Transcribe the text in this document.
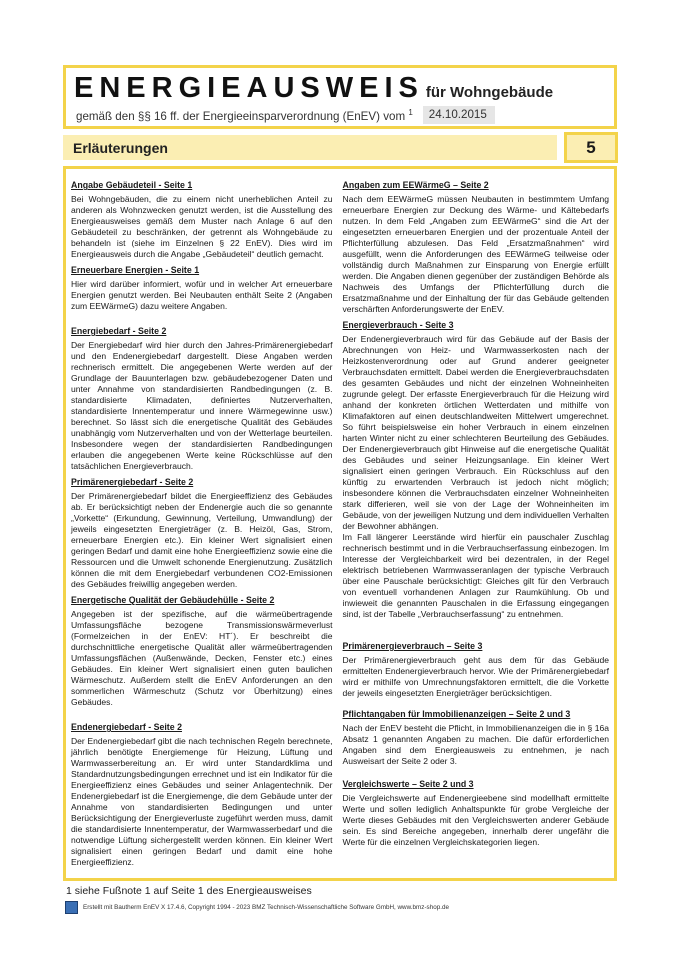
ENERGIEAUSWEIS für Wohngebäude
gemäß den §§ 16 ff. der Energieeinsparverordnung (EnEV) vom $^1$	24.10.2015
Erläuterungen	5
Angabe Gebäudeteil - Seite 1

Bei Wohngebäuden, die zu einem nicht unerheblichen Anteil zu anderen als Wohnzwecken genutzt werden, ist die Ausstellung des Energieausweises gemäß dem Muster nach Anlage 6 auf den Gebäudeteil zu beschränken, der getrennt als Wohngebäude zu behandeln ist (siehe im Einzelnen § 22 EnEV). Dies wird im Energieausweis durch die Angabe „Gebäudeteil“ deutlich gemacht.

Erneuerbare Energien - Seite 1

Hier wird darüber informiert, wofür und in welcher Art erneuerbare Energien genutzt werden. Bei Neubauten enthält Seite 2 (Angaben zum EEWärmeG) dazu weitere Angaben.

Energiebedarf - Seite 2

Der Energiebedarf wird hier durch den Jahres-Primärenergiebedarf und den Endenergiebedarf dargestellt. Diese Angaben werden rechnerisch ermittelt. Die angegebenen Werte werden auf der Grundlage der Bauunterlagen bzw. gebäudebezogener Daten und unter Annahme von standardisierten Randbedingungen (z. B. standardisierte Klimadaten, definiertes Nutzerverhalten, standardisierte Innentemperatur und innere Wärmegewinne usw.) berechnet. So lässt sich die energetische Qualität des Gebäudes unabhängig vom Nutzerverhalten und von der Wetterlage beurteilen. Insbesondere wegen der standardisierten Randbedingungen erlauben die angegebenen Werte keine Rückschlüsse auf den tatsächlichen Energieverbrauch.

Primärenergiebedarf - Seite 2

Der Primärenergiebedarf bildet die Energieeffizienz des Gebäudes ab. Er berücksichtigt neben der Endenergie auch die so genannte „Vorkette“ (Erkundung, Gewinnung, Verteilung, Umwandlung) der jeweils eingesetzten Energieträger (z. B. Heizöl, Gas, Strom, erneuerbare Energien etc.). Ein kleiner Wert signalisiert einen geringen Bedarf und damit eine hohe Energieeffizienz sowie eine die Ressourcen und die Umwelt schonende Energienutzung. Zusätzlich können die mit dem Energiebedarf verbundenen CO2-Emissionen des Gebäudes freiwillig angegeben werden.

Energetische Qualität der Gebäudehülle - Seite 2

Angegeben ist der spezifische, auf die wärmeübertragende Umfassungsfläche bezogene Transmissionswärmeverlust (Formelzeichen in der EnEV: HT´). Er beschreibt die durchschnittliche energetische Qualität aller wärmeübertragenden Umfassungsflächen (Außenwände, Decken, Fenster etc.) eines Gebäudes. Ein kleiner Wert signalisiert einen guten baulichen Wärmeschutz. Außerdem stellt die EnEV Anforderungen an den sommerlichen Wärmeschutz (Schutz vor Überhitzung) eines Gebäudes.

Endenergiebedarf - Seite 2

Der Endenergiebedarf gibt die nach technischen Regeln berechnete, jährlich benötigte Energiemenge für Heizung, Lüftung und Warmwasserbereitung an. Er wird unter Standardklima und Standardnutzungsbedingungen errechnet und ist ein Indikator für die Energieeffizienz eines Gebäudes und seiner Anlagentechnik. Der Endenergiebedarf ist die Energiemenge, die dem Gebäude unter der Annahme von standardisierten Bedingungen und unter Berücksichtigung der Energieverluste zugeführt werden muss, damit die standardisierte Innentemperatur, der Warmwasserbedarf und die notwendige Lüftung sichergestellt werden können. Ein kleiner Wert signalisiert einen geringen Bedarf und damit eine hohe Energieeffizienz.

Angaben zum EEWärmeG – Seite 2

Nach dem EEWärmeG müssen Neubauten in bestimmtem Umfang erneuerbare Energien zur Deckung des Wärme- und Kältebedarfs nutzen. In dem Feld „Angaben zum EEWärmeG“ sind die Art der eingesetzten erneuerbaren Energien und der prozentuale Anteil der Pflichterfüllung abzulesen. Das Feld „Ersatzmaßnahmen“ wird ausgefüllt, wenn die Anforderungen des EEWärmeG teilweise oder vollständig durch Maßnahmen zur Einsparung von Energie erfüllt werden. Die Angaben dienen gegenüber der zuständigen Behörde als Nachweis des Umfangs der Pflichterfüllung durch die Ersatzmaßnahme und der Einhaltung der für das Gebäude geltenden verschärften Anforderungswerte der EnEV.

Energieverbrauch - Seite 3

Der Endenergieverbrauch wird für das Gebäude auf der Basis der Abrechnungen von Heiz- und Warmwasserkosten nach der Heizkostenverordnung oder auf Grund anderer geeigneter Verbrauchsdaten ermittelt. Dabei werden die Energieverbrauchsdaten des gesamten Gebäudes und nicht der einzelnen Wohneinheiten zugrunde gelegt. Der erfasste Energieverbrauch für die Heizung wird anhand der konkreten örtlichen Wetterdaten und mithilfe von Klimafaktoren auf einen deutschlandweiten Mittelwert umgerechnet. So führt beispielsweise ein hoher Verbrauch in einem einzelnen harten Winter nicht zu einer schlechteren Beurteilung des Gebäudes. Der Endenergieverbrauch gibt Hinweise auf die energetische Qualität des Gebäudes und seiner Heizungsanlage. Ein kleiner Wert signalisiert einen geringen Verbrauch. Ein Rückschluss auf den künftig zu erwartenden Verbrauch ist jedoch nicht möglich; insbesondere können die Verbrauchsdaten einzelner Wohneinheiten stark differieren, weil sie von der Lage der Wohneinheiten im Gebäude, von der jeweiligen Nutzung und dem individuellen Verhalten der Bewohner abhängen.

Im Fall längerer Leerstände wird hierfür ein pauschaler Zuschlag rechnerisch bestimmt und in die Verbrauchserfassung einbezogen. Im Interesse der Vergleichbarkeit wird bei dezentralen, in der Regel elektrisch betriebenen Warmwasseranlagen der typische Verbrauch über eine Pauschale berücksichtigt: Gleiches gilt für den Verbrauch von eventuell vorhandenen Anlagen zur Raumkühlung. Ob und inwieweit die genannten Pauschalen in die Erfassung eingegangen sind, ist der Tabelle „Verbrauchserfassung“ zu entnehmen.

Primärenergieverbrauch – Seite 3

Der Primärenergieverbrauch geht aus dem für das Gebäude ermittelten Endenergieverbrauch hervor. Wie der Primärenergiebedarf wird er mithilfe von Umrechnungsfaktoren ermittelt, die die Vorkette der jeweils eingesetzten Energieträger berücksichtigen.

Pflichtangaben für Immobilienanzeigen – Seite 2 und 3

Nach der EnEV besteht die Pflicht, in Immobilienanzeigen die in § 16a Absatz 1 genannten Angaben zu machen. Die dafür erforderlichen Angaben sind dem Energieausweis zu entnehmen, je nach Ausweisart der Seite 2 oder 3.

Vergleichswerte – Seite 2 und 3

Die Vergleichswerte auf Endenergieebene sind modellhaft ermittelte Werte und sollen lediglich Anhaltspunkte für grobe Vergleiche der Werte dieses Gebäudes mit den Vergleichswerten anderer Gebäude sein. Es sind Bereiche angegeben, innerhalb derer ungefähr die Werte für die einzelnen Vergleichskategorien liegen.

1 siehe Fußnote 1 auf Seite 1 des Energieausweises
Erstellt mit Bautherm EnEV X 17.4.6, Copyright 1994 - 2023 BMZ Technisch-Wissenschaftliche Software GmbH, www.bmz-shop.de
